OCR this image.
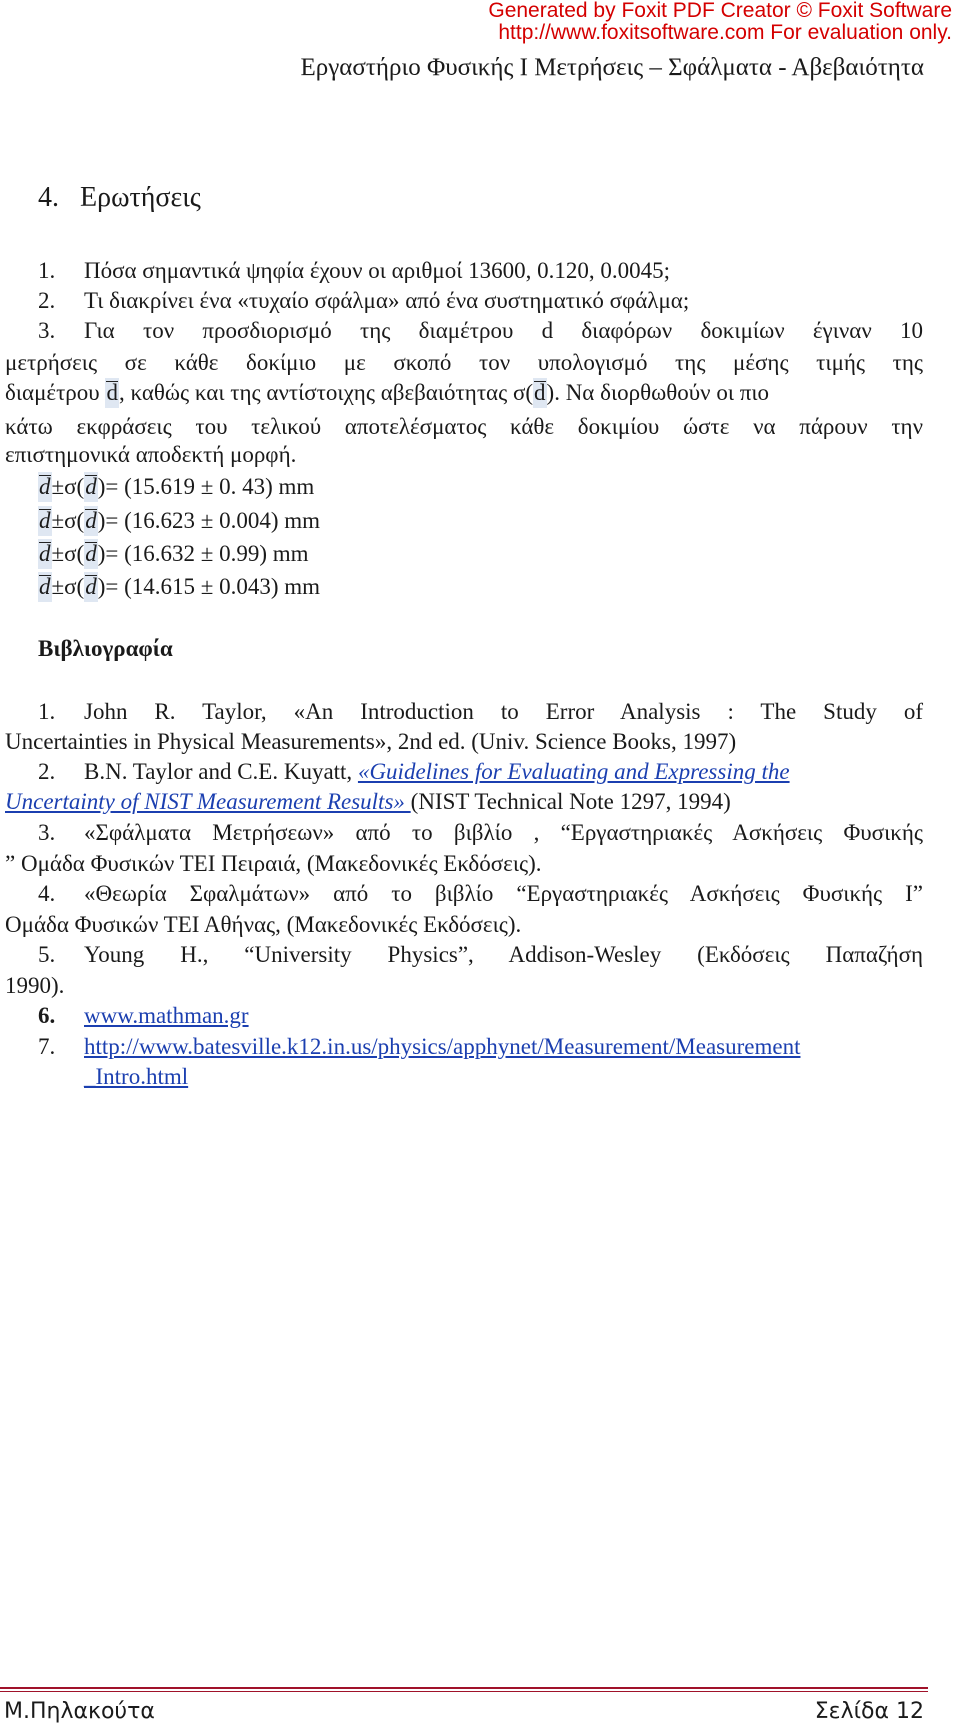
Generated by Foxit PDF Creator © Foxit Software
http://www.foxitsoftware.com For evaluation only.
Εργαστήριο Φυσικής Ι Μετρήσεις – Σφάλματα - Αβεβαιότητα
4. Ερωτήσεις
1. Πόσα σημαντικά ψηφία έχουν οι αριθμοί 13600, 0.120, 0.0045;
2. Τι διακρίνει ένα «τυχαίο σφάλμα» από ένα συστηματικό σφάλμα;
3. Για τον προσδιορισμό της διαμέτρου d διαφόρων δοκιμίων έγιναν 10
μετρήσεις σε κάθε δοκίμιο με σκοπό τον υπολογισμό της μέσης τιμής της
διαμέτρου d, καθώς και της αντίστοιχης αβεβαιότητας σ(d). Να διορθωθούν οι πιο
κάτω εκφράσεις του τελικού αποτελέσματος κάθε δοκιμίου ώστε να πάρουν την
επιστημονικά αποδεκτή μορφή.
d±σ(d)= (15.619 ± 0. 43) mm
d±σ(d)= (16.623 ± 0.004) mm
d±σ(d)= (16.632 ± 0.99) mm
d±σ(d)= (14.615 ± 0.043) mm
Βιβλιογραφία
1. John R. Taylor, «An Introduction to Error Analysis : The Study of
Uncertainties in Physical Measurements», 2nd ed. (Univ. Science Books, 1997)
2. B.N. Taylor and C.E. Kuyatt, «Guidelines for Evaluating and Expressing the
Uncertainty of NIST Measurement Results» (NIST Technical Note 1297, 1994)
3. «Σφάλματα Μετρήσεων» από το βιβλίο , “Εργαστηριακές Ασκήσεις Φυσικής
” Ομάδα Φυσικών ΤΕΙ Πειραιά, (Μακεδονικές Εκδόσεις).
4. «Θεωρία Σφαλμάτων» από το βιβλίο “Εργαστηριακές Ασκήσεις Φυσικής Ι”
Ομάδα Φυσικών ΤΕΙ Αθήνας, (Μακεδονικές Εκδόσεις).
5. Young H., “University Physics”, Addison-Wesley (Εκδόσεις Παπαζήση
1990).
6. www.mathman.gr
7. http://www.batesville.k12.in.us/physics/apphynet/Measurement/Measurement
_Intro.html
Μ.Πηλακούτα	Σελίδα 12
